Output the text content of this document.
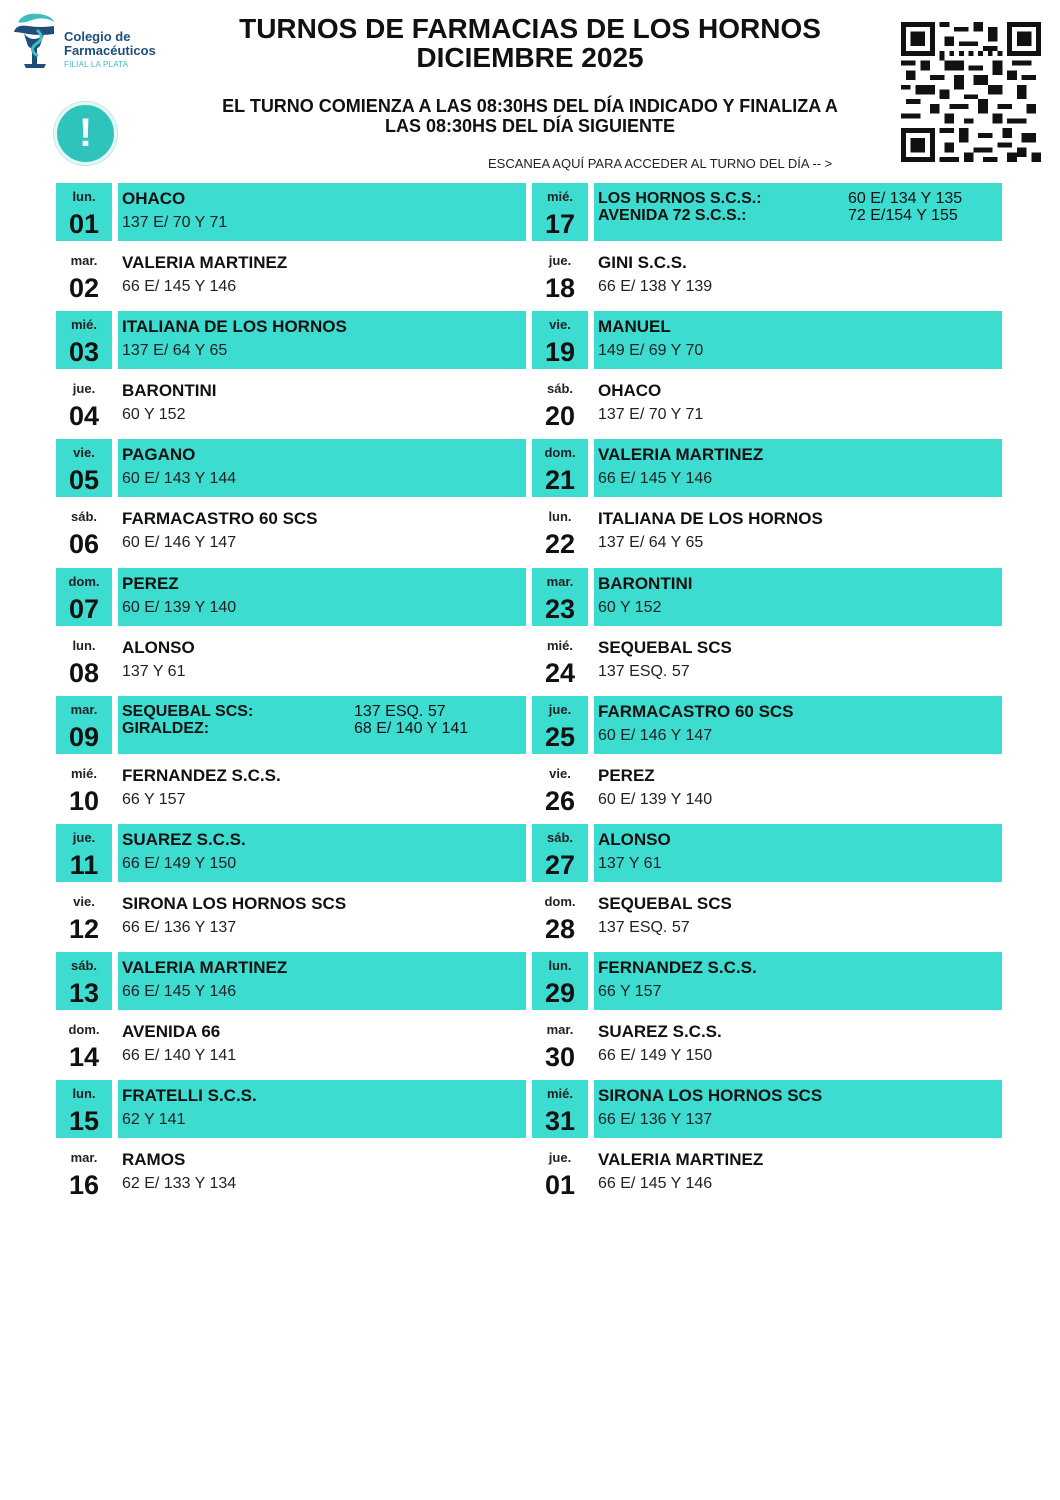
Colegio de
Farmacéuticos
FILIAL LA PLATA
TURNOS DE FARMACIAS DE LOS HORNOS
DICIEMBRE 2025
!
EL TURNO COMIENZA A LAS 08:30HS DEL DÍA INDICADO Y FINALIZA A
LAS 08:30HS DEL DÍA SIGUIENTE
ESCANEA AQUÍ PARA ACCEDER AL TURNO DEL DÍA -- >
lun.
01
OHACO
137 E/ 70 Y 71
mar.
02
VALERIA MARTINEZ
66 E/ 145 Y 146
mié.
03
ITALIANA DE LOS HORNOS
137 E/ 64 Y 65
jue.
04
BARONTINI
60 Y 152
vie.
05
PAGANO
60 E/ 143 Y 144
sáb.
06
FARMACASTRO 60 SCS
60 E/ 146 Y 147
dom.
07
PEREZ
60 E/ 139 Y 140
lun.
08
ALONSO
137 Y 61
mar.
09
SEQUEBAL SCS:	137 ESQ. 57
GIRALDEZ:	68 E/ 140 Y 141
mié.
10
FERNANDEZ S.C.S.
66 Y 157
jue.
11
SUAREZ S.C.S.
66 E/ 149 Y 150
vie.
12
SIRONA LOS HORNOS SCS
66 E/ 136 Y 137
sáb.
13
VALERIA MARTINEZ
66 E/ 145 Y 146
dom.
14
AVENIDA 66
66 E/ 140 Y 141
lun.
15
FRATELLI S.C.S.
62 Y 141
mar.
16
RAMOS
62 E/ 133 Y 134
mié.
17
LOS HORNOS S.C.S.:	60 E/ 134 Y 135
AVENIDA 72 S.C.S.:	72 E/154 Y 155
jue.
18
GINI S.C.S.
66 E/ 138 Y 139
vie.
19
MANUEL
149 E/ 69 Y 70
sáb.
20
OHACO
137 E/ 70 Y 71
dom.
21
VALERIA MARTINEZ
66 E/ 145 Y 146
lun.
22
ITALIANA DE LOS HORNOS
137 E/ 64 Y 65
mar.
23
BARONTINI
60 Y 152
mié.
24
SEQUEBAL SCS
137 ESQ. 57
jue.
25
FARMACASTRO 60 SCS
60 E/ 146 Y 147
vie.
26
PEREZ
60 E/ 139 Y 140
sáb.
27
ALONSO
137 Y 61
dom.
28
SEQUEBAL SCS
137 ESQ. 57
lun.
29
FERNANDEZ S.C.S.
66 Y 157
mar.
30
SUAREZ S.C.S.
66 E/ 149 Y 150
mié.
31
SIRONA LOS HORNOS SCS
66 E/ 136 Y 137
jue.
01
VALERIA MARTINEZ
66 E/ 145 Y 146
